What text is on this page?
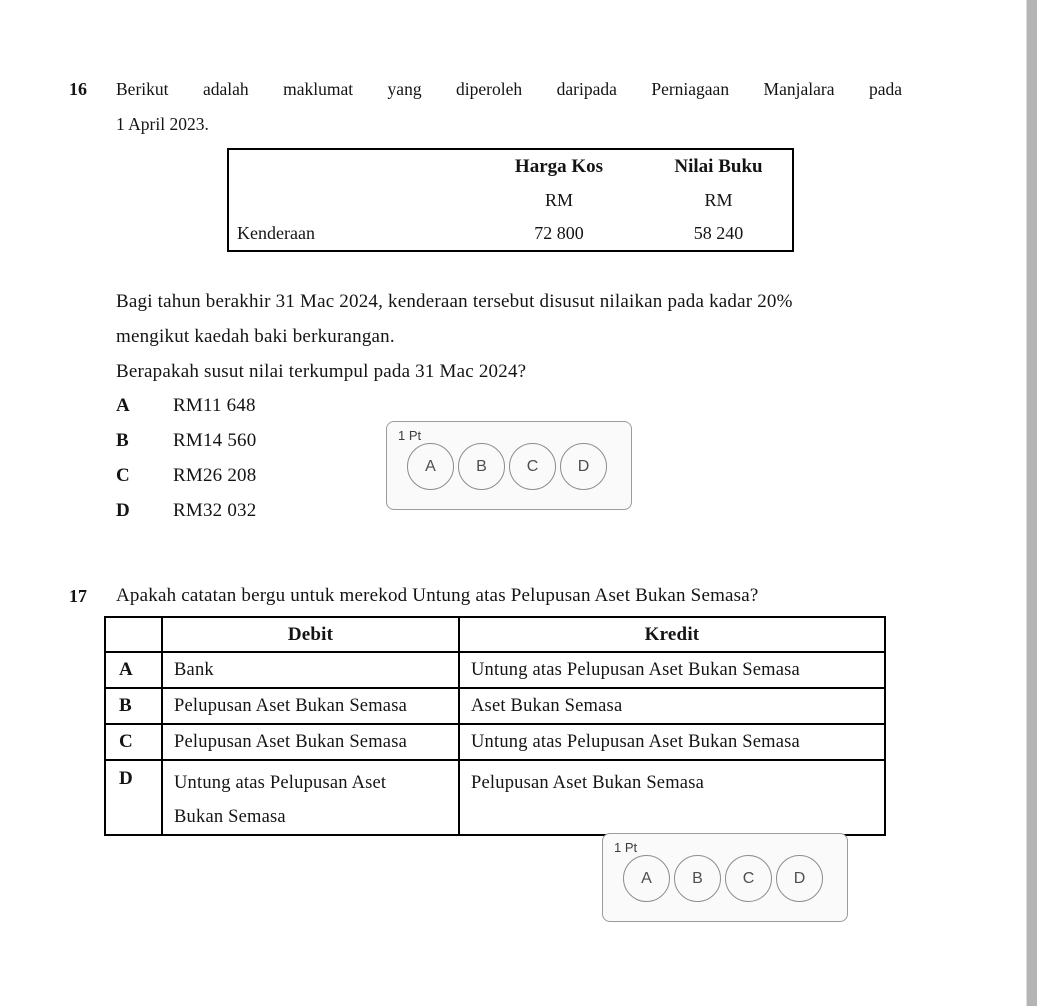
16 Berikut adalah maklumat yang diperoleh daripada Perniagaan Manjalara pada
1 April 2023.
	Harga Kos	Nilai Buku
	RM	RM
Kenderaan	72 800	58 240
Bagi tahun berakhir 31 Mac 2024, kenderaan tersebut disusut nilaikan pada kadar 20%
mengikut kaedah baki berkurangan.
Berapakah susut nilai terkumpul pada 31 Mac 2024?
A RM11 648
B RM14 560
C RM26 208
D RM32 032
1 Pt
A	B	C	D
17 Apakah catatan bergu untuk merekod Untung atas Pelupusan Aset Bukan Semasa?
	Debit	Kredit
A	Bank	Untung atas Pelupusan Aset Bukan Semasa
B	Pelupusan Aset Bukan Semasa	Aset Bukan Semasa
C	Pelupusan Aset Bukan Semasa	Untung atas Pelupusan Aset Bukan Semasa
D	Untung atas Pelupusan Aset
Bukan Semasa	Pelupusan Aset Bukan Semasa
1 Pt
A	B	C	D
